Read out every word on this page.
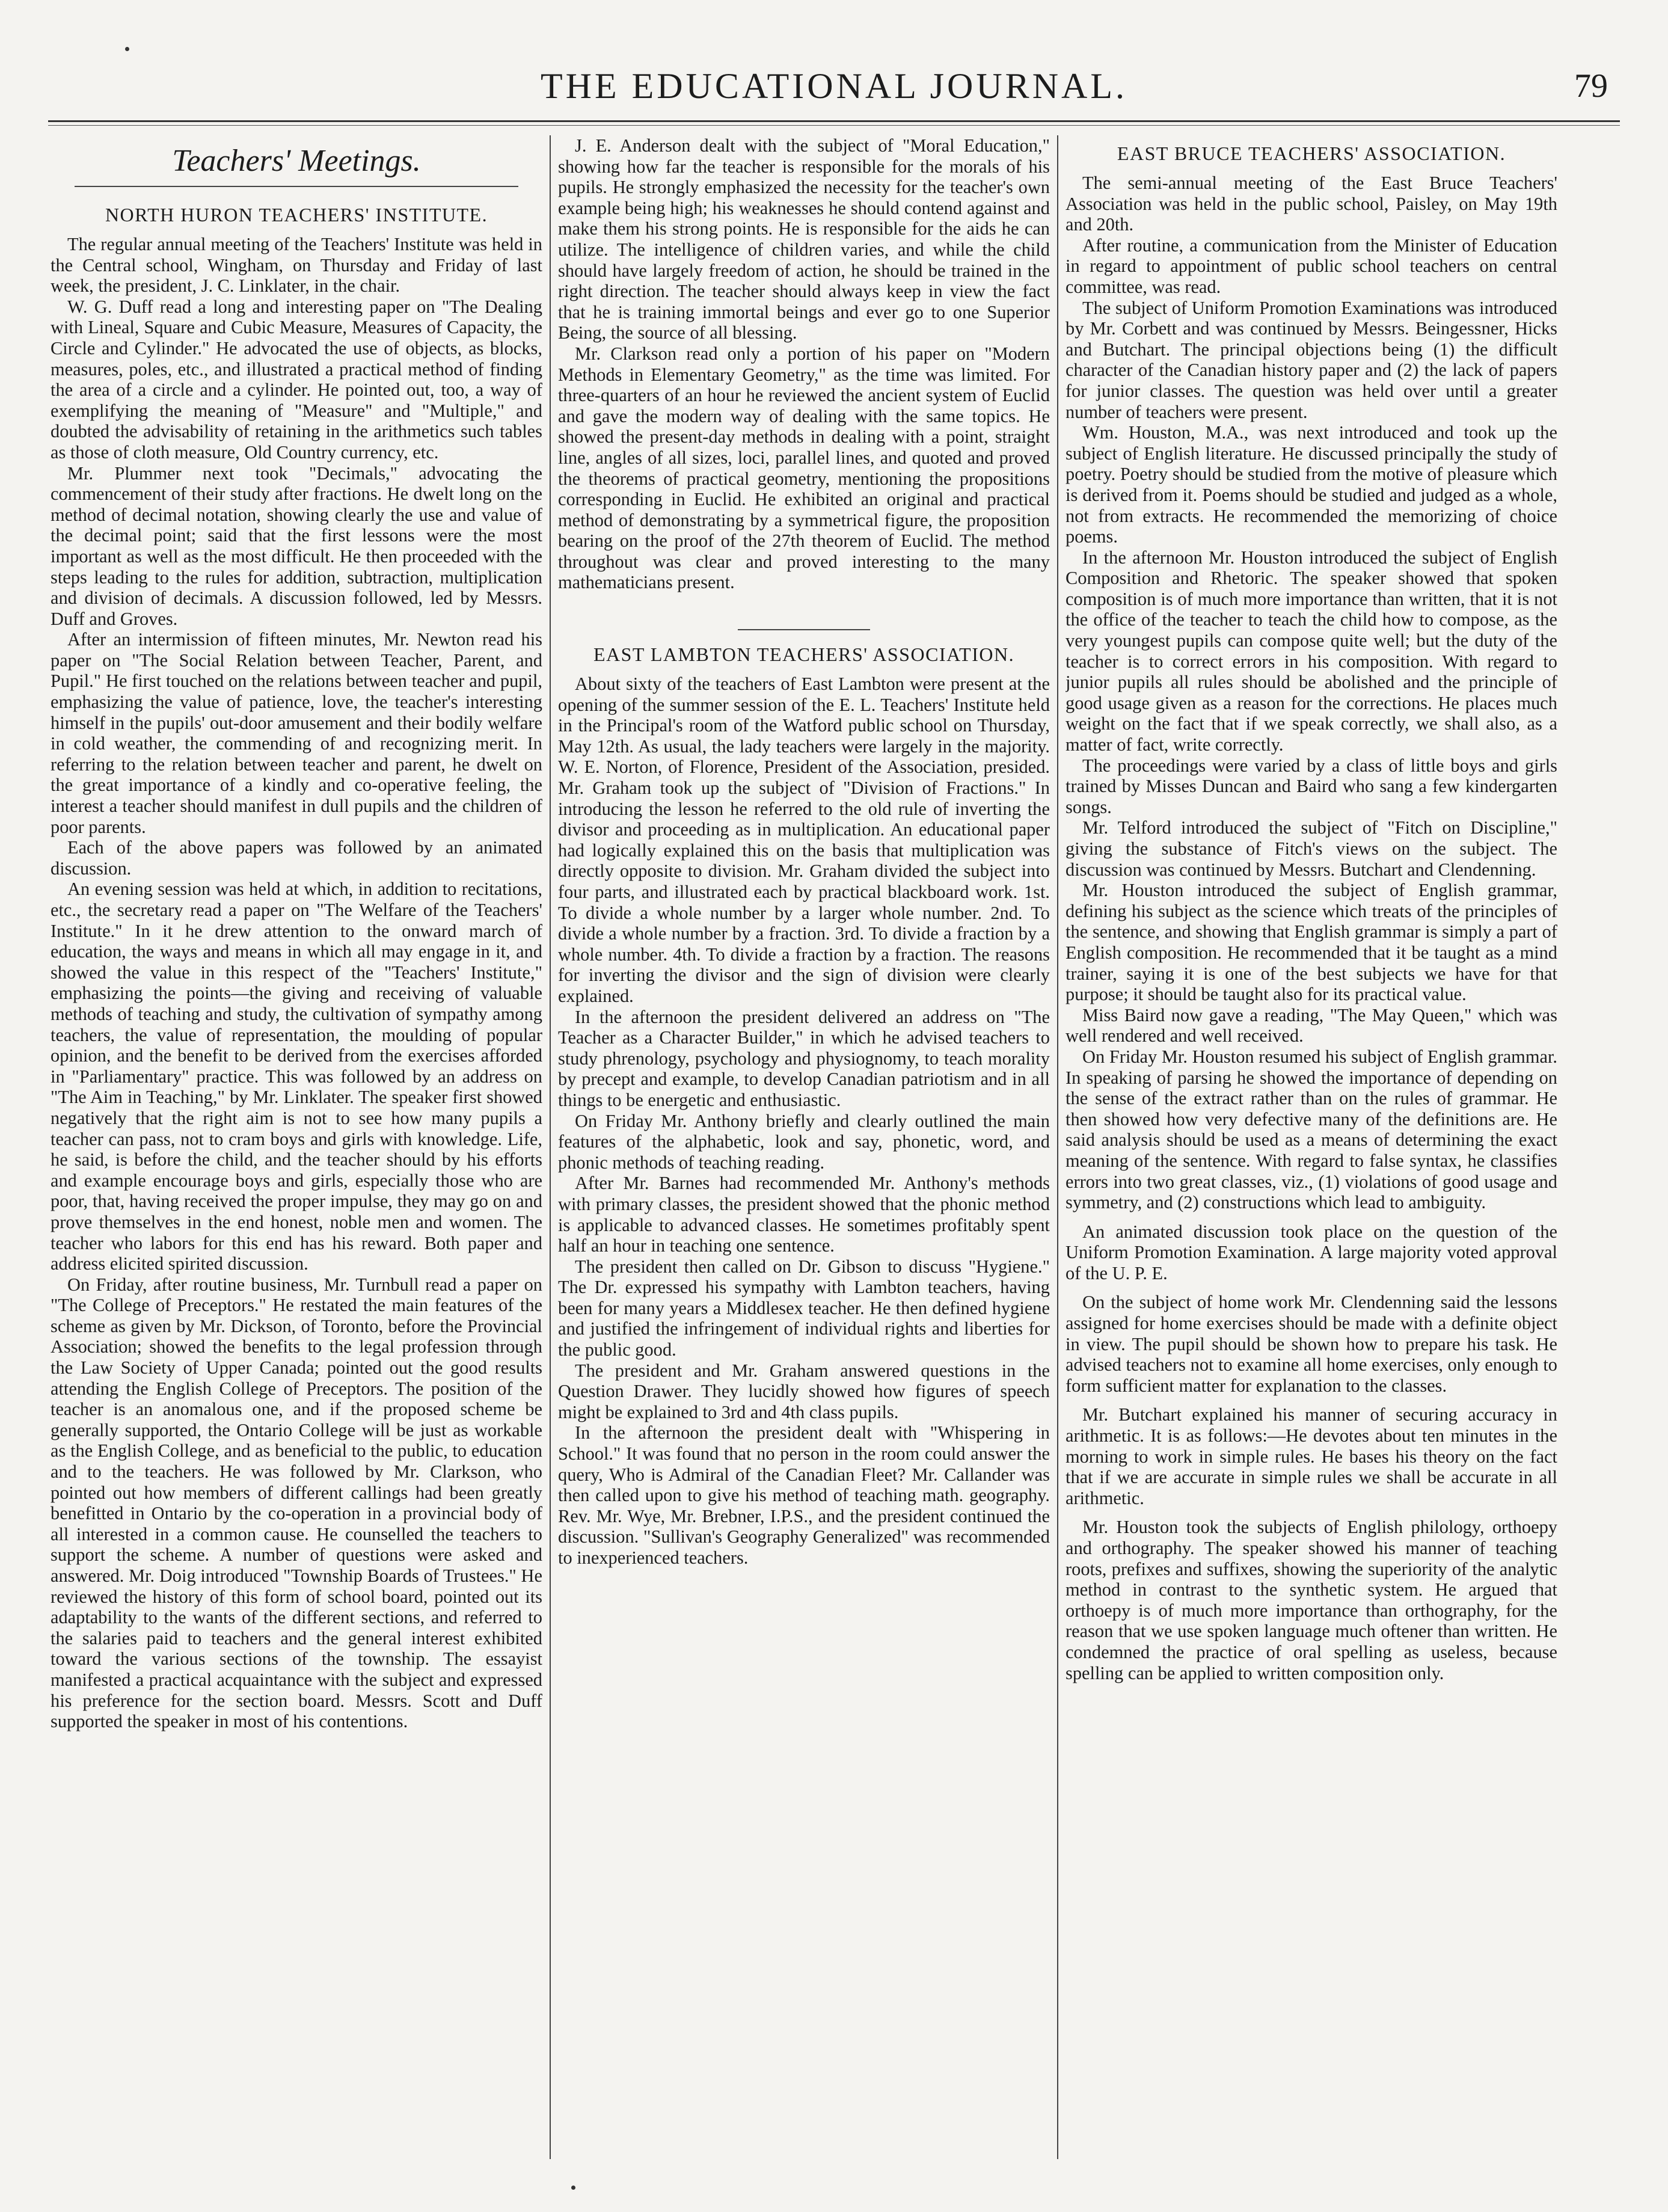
THE EDUCATIONAL JOURNAL.	79
Teachers' Meetings.
NORTH HURON TEACHERS' INSTITUTE.

The regular annual meeting of the Teachers' Institute was held in the Central school, Wingham, on Thursday and Friday of last week, the president, J. C. Linklater, in the chair.

W. G. Duff read a long and interesting paper on "The Dealing with Lineal, Square and Cubic Measure, Measures of Capacity, the Circle and Cylinder." He advocated the use of objects, as blocks, measures, poles, etc., and illustrated a practical method of finding the area of a circle and a cylinder. He pointed out, too, a way of exemplifying the meaning of "Measure" and "Multiple," and doubted the advisability of retaining in the arithmetics such tables as those of cloth measure, Old Country currency, etc.

Mr. Plummer next took "Decimals," advocating the commencement of their study after fractions. He dwelt long on the method of decimal notation, showing clearly the use and value of the decimal point; said that the first lessons were the most important as well as the most difficult. He then proceeded with the steps leading to the rules for addition, subtraction, multiplication and division of decimals. A discussion followed, led by Messrs. Duff and Groves.

After an intermission of fifteen minutes, Mr. Newton read his paper on "The Social Relation between Teacher, Parent, and Pupil." He first touched on the relations between teacher and pupil, emphasizing the value of patience, love, the teacher's interesting himself in the pupils' out-door amusement and their bodily welfare in cold weather, the commending of and recognizing merit. In referring to the relation between teacher and parent, he dwelt on the great importance of a kindly and co-operative feeling, the interest a teacher should manifest in dull pupils and the children of poor parents.

Each of the above papers was followed by an animated discussion.

An evening session was held at which, in addition to recitations, etc., the secretary read a paper on "The Welfare of the Teachers' Institute." In it he drew attention to the onward march of education, the ways and means in which all may engage in it, and showed the value in this respect of the "Teachers' Institute," emphasizing the points—the giving and receiving of valuable methods of teaching and study, the cultivation of sympathy among teachers, the value of representation, the moulding of popular opinion, and the benefit to be derived from the exercises afforded in "Parliamentary" practice. This was followed by an address on "The Aim in Teaching," by Mr. Linklater. The speaker first showed negatively that the right aim is not to see how many pupils a teacher can pass, not to cram boys and girls with knowledge. Life, he said, is before the child, and the teacher should by his efforts and example encourage boys and girls, especially those who are poor, that, having received the proper impulse, they may go on and prove themselves in the end honest, noble men and women. The teacher who labors for this end has his reward. Both paper and address elicited spirited discussion.

On Friday, after routine business, Mr. Turnbull read a paper on "The College of Preceptors." He restated the main features of the scheme as given by Mr. Dickson, of Toronto, before the Provincial Association; showed the benefits to the legal profession through the Law Society of Upper Canada; pointed out the good results attending the English College of Preceptors. The position of the teacher is an anomalous one, and if the proposed scheme be generally supported, the Ontario College will be just as workable as the English College, and as beneficial to the public, to education and to the teachers. He was followed by Mr. Clarkson, who pointed out how members of different callings had been greatly benefitted in Ontario by the co-operation in a provincial body of all interested in a common cause. He counselled the teachers to support the scheme. A number of questions were asked and answered. Mr. Doig introduced "Township Boards of Trustees." He reviewed the history of this form of school board, pointed out its adaptability to the wants of the different sections, and referred to the salaries paid to teachers and the general interest exhibited toward the various sections of the township. The essayist manifested a practical acquaintance with the subject and expressed his preference for the section board. Messrs. Scott and Duff supported the speaker in most of his contentions.

J. E. Anderson dealt with the subject of "Moral Education," showing how far the teacher is responsible for the morals of his pupils. He strongly emphasized the necessity for the teacher's own example being high; his weaknesses he should contend against and make them his strong points. He is responsible for the aids he can utilize. The intelligence of children varies, and while the child should have largely freedom of action, he should be trained in the right direction. The teacher should always keep in view the fact that he is training immortal beings and ever go to one Superior Being, the source of all blessing.

Mr. Clarkson read only a portion of his paper on "Modern Methods in Elementary Geometry," as the time was limited. For three-quarters of an hour he reviewed the ancient system of Euclid and gave the modern way of dealing with the same topics. He showed the present-day methods in dealing with a point, straight line, angles of all sizes, loci, parallel lines, and quoted and proved the theorems of practical geometry, mentioning the propositions corresponding in Euclid. He exhibited an original and practical method of demonstrating by a symmetrical figure, the proposition bearing on the proof of the 27th theorem of Euclid. The method throughout was clear and proved interesting to the many mathematicians present.

EAST LAMBTON TEACHERS' ASSOCIATION.

About sixty of the teachers of East Lambton were present at the opening of the summer session of the E. L. Teachers' Institute held in the Principal's room of the Watford public school on Thursday, May 12th. As usual, the lady teachers were largely in the majority. W. E. Norton, of Florence, President of the Association, presided. Mr. Graham took up the subject of "Division of Fractions." In introducing the lesson he referred to the old rule of inverting the divisor and proceeding as in multiplication. An educational paper had logically explained this on the basis that multiplication was directly opposite to division. Mr. Graham divided the subject into four parts, and illustrated each by practical blackboard work. 1st. To divide a whole number by a larger whole number. 2nd. To divide a whole number by a fraction. 3rd. To divide a fraction by a whole number. 4th. To divide a fraction by a fraction. The reasons for inverting the divisor and the sign of division were clearly explained.

In the afternoon the president delivered an address on "The Teacher as a Character Builder," in which he advised teachers to study phrenology, psychology and physiognomy, to teach morality by precept and example, to develop Canadian patriotism and in all things to be energetic and enthusiastic.

On Friday Mr. Anthony briefly and clearly outlined the main features of the alphabetic, look and say, phonetic, word, and phonic methods of teaching reading.

After Mr. Barnes had recommended Mr. Anthony's methods with primary classes, the president showed that the phonic method is applicable to advanced classes. He sometimes profitably spent half an hour in teaching one sentence.

The president then called on Dr. Gibson to discuss "Hygiene." The Dr. expressed his sympathy with Lambton teachers, having been for many years a Middlesex teacher. He then defined hygiene and justified the infringement of individual rights and liberties for the public good.

The president and Mr. Graham answered questions in the Question Drawer. They lucidly showed how figures of speech might be explained to 3rd and 4th class pupils.

In the afternoon the president dealt with "Whispering in School." It was found that no person in the room could answer the query, Who is Admiral of the Canadian Fleet? Mr. Callander was then called upon to give his method of teaching math. geography. Rev. Mr. Wye, Mr. Brebner, I.P.S., and the president continued the discussion. "Sullivan's Geography Generalized" was recommended to inexperienced teachers.

EAST BRUCE TEACHERS' ASSOCIATION.

The semi-annual meeting of the East Bruce Teachers' Association was held in the public school, Paisley, on May 19th and 20th.

After routine, a communication from the Minister of Education in regard to appointment of public school teachers on central committee, was read.

The subject of Uniform Promotion Examinations was introduced by Mr. Corbett and was continued by Messrs. Beingessner, Hicks and Butchart. The principal objections being (1) the difficult character of the Canadian history paper and (2) the lack of papers for junior classes. The question was held over until a greater number of teachers were present.

Wm. Houston, M.A., was next introduced and took up the subject of English literature. He discussed principally the study of poetry. Poetry should be studied from the motive of pleasure which is derived from it. Poems should be studied and judged as a whole, not from extracts. He recommended the memorizing of choice poems.

In the afternoon Mr. Houston introduced the subject of English Composition and Rhetoric. The speaker showed that spoken composition is of much more importance than written, that it is not the office of the teacher to teach the child how to compose, as the very youngest pupils can compose quite well; but the duty of the teacher is to correct errors in his composition. With regard to junior pupils all rules should be abolished and the principle of good usage given as a reason for the corrections. He places much weight on the fact that if we speak correctly, we shall also, as a matter of fact, write correctly.

The proceedings were varied by a class of little boys and girls trained by Misses Duncan and Baird who sang a few kindergarten songs.

Mr. Telford introduced the subject of "Fitch on Discipline," giving the substance of Fitch's views on the subject. The discussion was continued by Messrs. Butchart and Clendenning.

Mr. Houston introduced the subject of English grammar, defining his subject as the science which treats of the principles of the sentence, and showing that English grammar is simply a part of English composition. He recommended that it be taught as a mind trainer, saying it is one of the best subjects we have for that purpose; it should be taught also for its practical value.

Miss Baird now gave a reading, "The May Queen," which was well rendered and well received.

On Friday Mr. Houston resumed his subject of English grammar. In speaking of parsing he showed the importance of depending on the sense of the extract rather than on the rules of grammar. He then showed how very defective many of the definitions are. He said analysis should be used as a means of determining the exact meaning of the sentence. With regard to false syntax, he classifies errors into two great classes, viz., (1) violations of good usage and symmetry, and (2) constructions which lead to ambiguity.

An animated discussion took place on the question of the Uniform Promotion Examination. A large majority voted approval of the U. P. E.

On the subject of home work Mr. Clendenning said the lessons assigned for home exercises should be made with a definite object in view. The pupil should be shown how to prepare his task. He advised teachers not to examine all home exercises, only enough to form sufficient matter for explanation to the classes.

Mr. Butchart explained his manner of securing accuracy in arithmetic. It is as follows:—He devotes about ten minutes in the morning to work in simple rules. He bases his theory on the fact that if we are accurate in simple rules we shall be accurate in all arithmetic.

Mr. Houston took the subjects of English philology, orthoepy and orthography. The speaker showed his manner of teaching roots, prefixes and suffixes, showing the superiority of the analytic method in contrast to the synthetic system. He argued that orthoepy is of much more importance than orthography, for the reason that we use spoken language much oftener than written. He condemned the practice of oral spelling as useless, because spelling can be applied to written composition only.
